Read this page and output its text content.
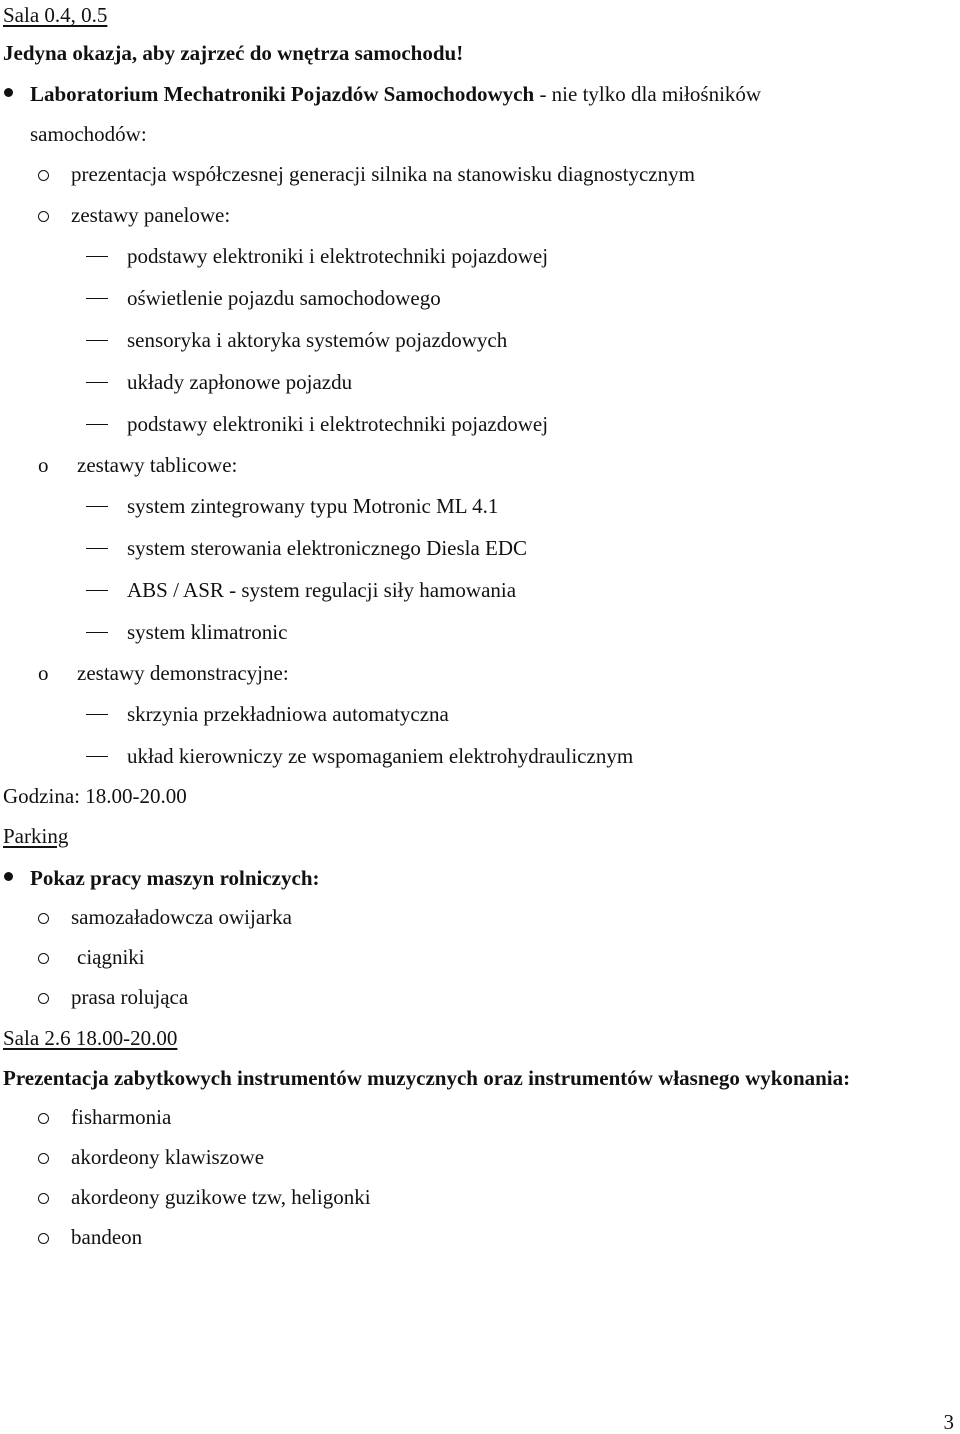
Sala 0.4, 0.5
Jedyna okazja, aby zajrzeć do wnętrza samochodu!
Laboratorium Mechatroniki Pojazdów Samochodowych - nie tylko dla miłośników
samochodów:
prezentacja współczesnej generacji silnika na stanowisku diagnostycznym
zestawy panelowe:
podstawy elektroniki i elektrotechniki pojazdowej
oświetlenie pojazdu samochodowego
sensoryka i aktoryka systemów pojazdowych
układy zapłonowe pojazdu
podstawy elektroniki i elektrotechniki pojazdowej
o zestawy tablicowe:
system zintegrowany typu Motronic ML 4.1
system sterowania elektronicznego Diesla EDC
ABS / ASR - system regulacji siły hamowania
system klimatronic
o zestawy demonstracyjne:
skrzynia przekładniowa automatyczna
układ kierowniczy ze wspomaganiem elektrohydraulicznym
Godzina: 18.00-20.00
Parking
Pokaz pracy maszyn rolniczych:
samozaładowcza owijarka
ciągniki
prasa rolująca
Sala 2.6 18.00-20.00
Prezentacja zabytkowych instrumentów muzycznych oraz instrumentów własnego wykonania:
fisharmonia
akordeony klawiszowe
akordeony guzikowe tzw, heligonki
bandeon
3
